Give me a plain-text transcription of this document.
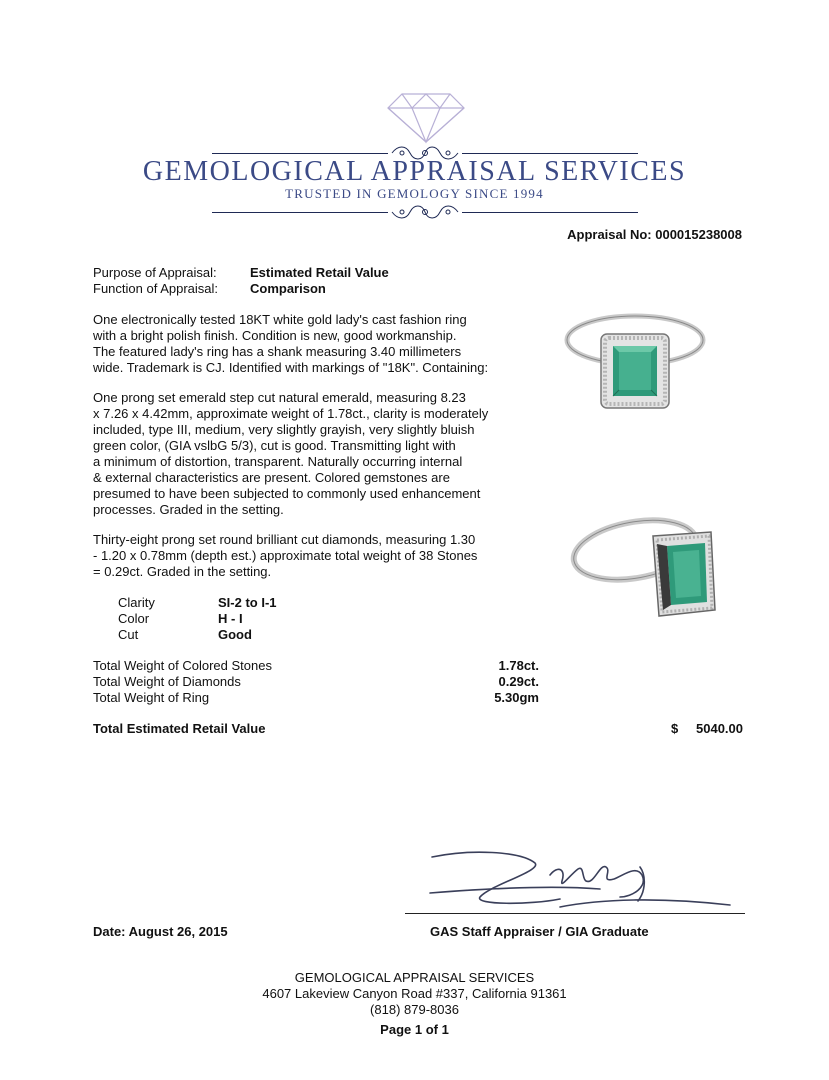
GEMOLOGICAL APPRAISAL SERVICES
TRUSTED IN GEMOLOGY SINCE 1994
Appraisal No: 000015238008
Purpose of Appraisal:	Estimated Retail Value
Function of Appraisal: Comparison
One electronically tested 18KT white gold lady's cast fashion ring
with a bright polish finish. Condition is new, good workmanship.
The featured lady's ring has a shank measuring 3.40 millimeters
wide. Trademark is CJ. Identified with markings of "18K". Containing:
One prong set emerald step cut natural emerald, measuring 8.23
x 7.26 x 4.42mm, approximate weight of 1.78ct., clarity is moderately
included, type III, medium, very slightly grayish, very slightly bluish
green color, (GIA vslbG 5/3), cut is good. Transmitting light with
a minimum of distortion, transparent. Naturally occurring internal
& external characteristics are present. Colored gemstones are
presumed to have been subjected to commonly used enhancement
processes. Graded in the setting.
Thirty-eight prong set round brilliant cut diamonds, measuring 1.30
- 1.20 x 0.78mm (depth est.) approximate total weight of 38 Stones
= 0.29ct. Graded in the setting.
Clarity	SI-2 to I-1
Color	H - I
Cut	Good
Total Weight of Colored Stones	1.78ct.
Total Weight of Diamonds	0.29ct.
Total Weight of Ring	5.30gm
Total Estimated Retail Value	$ 5040.00
Date: August 26, 2015	GAS Staff Appraiser / GIA Graduate
GEMOLOGICAL APPRAISAL SERVICES
4607 Lakeview Canyon Road #337, California 91361
(818) 879-8036
Page 1 of 1
